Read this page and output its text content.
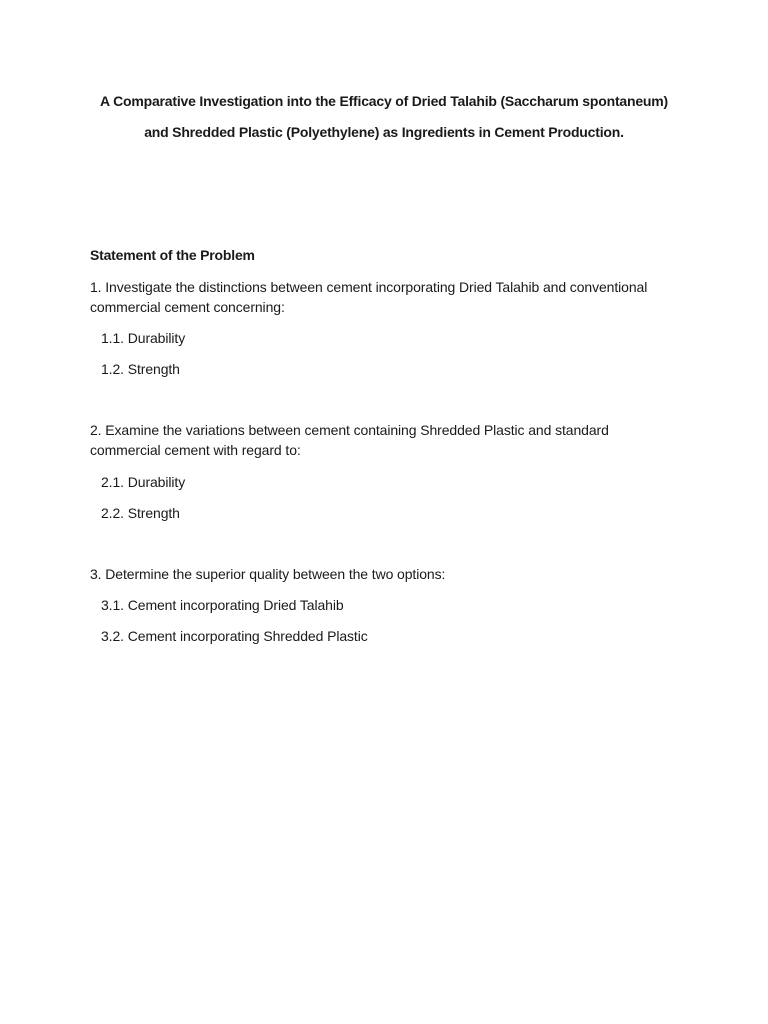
A Comparative Investigation into the Efficacy of Dried Talahib (Saccharum spontaneum)
and Shredded Plastic (Polyethylene) as Ingredients in Cement Production.
Statement of the Problem
1. Investigate the distinctions between cement incorporating Dried Talahib and conventional commercial cement concerning:
1.1. Durability
1.2. Strength
2. Examine the variations between cement containing Shredded Plastic and standard commercial cement with regard to:
2.1. Durability
2.2. Strength
3. Determine the superior quality between the two options:
3.1. Cement incorporating Dried Talahib
3.2. Cement incorporating Shredded Plastic
